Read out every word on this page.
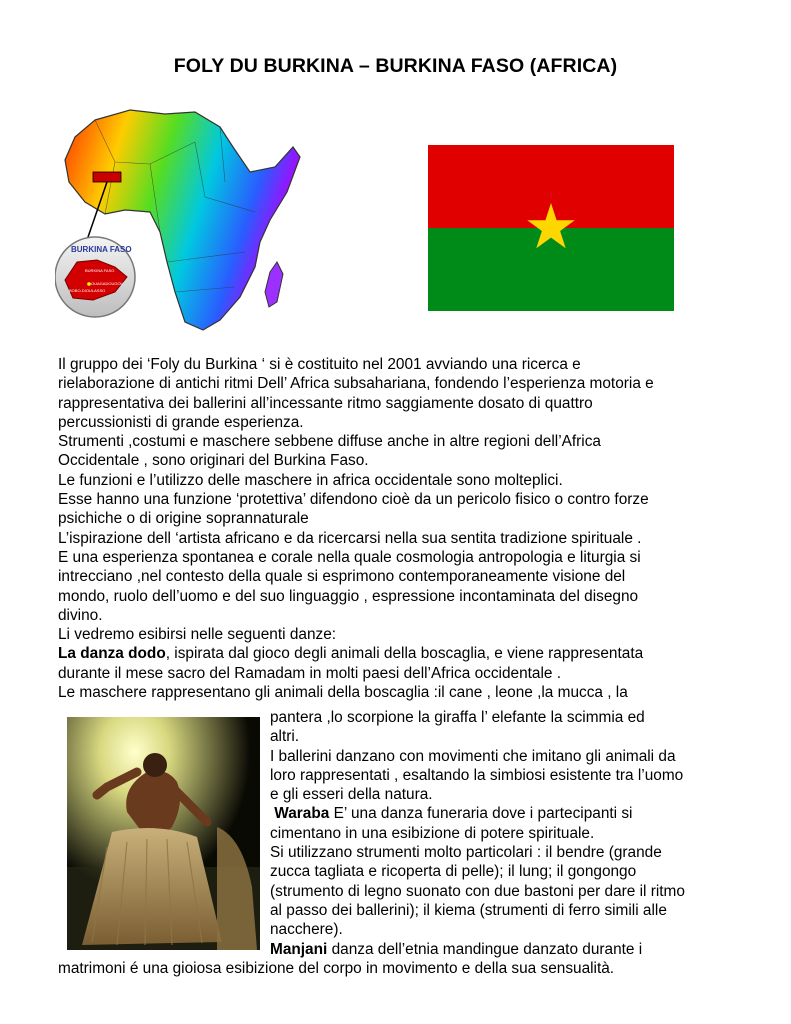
FOLY DU BURKINA – BURKINA FASO (AFRICA)
BURKINA FASO
BURKINA FASO
OUAGADOUGOU
BOBO-DIOULASSO
Il gruppo dei ‘Foly du Burkina ‘ si è costituito nel 2001 avviando una ricerca e
rielaborazione di antichi ritmi Dell’ Africa subsahariana, fondendo l’esperienza motoria e
rappresentativa dei ballerini all’incessante ritmo saggiamente dosato di quattro
percussionisti di grande esperienza.
Strumenti ,costumi e maschere sebbene diffuse anche in altre regioni dell’Africa
Occidentale , sono originari del Burkina Faso.
Le funzioni e l’utilizzo delle maschere in africa occidentale sono molteplici.
Esse hanno una funzione ‘protettiva’ difendono cioè da un pericolo fisico o contro forze
psichiche o di origine soprannaturale
L’ispirazione dell ‘artista africano e da ricercarsi nella sua sentita tradizione spirituale .
E una esperienza spontanea e corale nella quale cosmologia antropologia e liturgia si
intrecciano ,nel contesto della quale si esprimono contemporaneamente visione del
mondo, ruolo dell’uomo e del suo linguaggio , espressione incontaminata del disegno
divino.
Li vedremo esibirsi nelle seguenti danze:
La danza dodo, ispirata dal gioco degli animali della boscaglia, e viene rappresentata
durante il mese sacro del Ramadam in molti paesi dell’Africa occidentale .
Le maschere rappresentano gli animali della boscaglia :il cane , leone ,la mucca , la
pantera ,lo scorpione la giraffa l’ elefante la scimmia ed
altri.
I ballerini danzano con movimenti che imitano gli animali da
loro rappresentati , esaltando la simbiosi esistente tra l’uomo
e gli esseri della natura.
Waraba E’ una danza funeraria dove i partecipanti si
cimentano in una esibizione di potere spirituale.
Si utilizzano strumenti molto particolari : il bendre (grande
zucca tagliata e ricoperta di pelle); il lung; il gongongo
(strumento di legno suonato con due bastoni per dare il ritmo
al passo dei ballerini); il kiema (strumenti di ferro simili alle
nacchere).
Manjani danza dell’etnia mandingue danzato durante i
matrimoni é una gioiosa esibizione del corpo in movimento e della sua sensualità.
